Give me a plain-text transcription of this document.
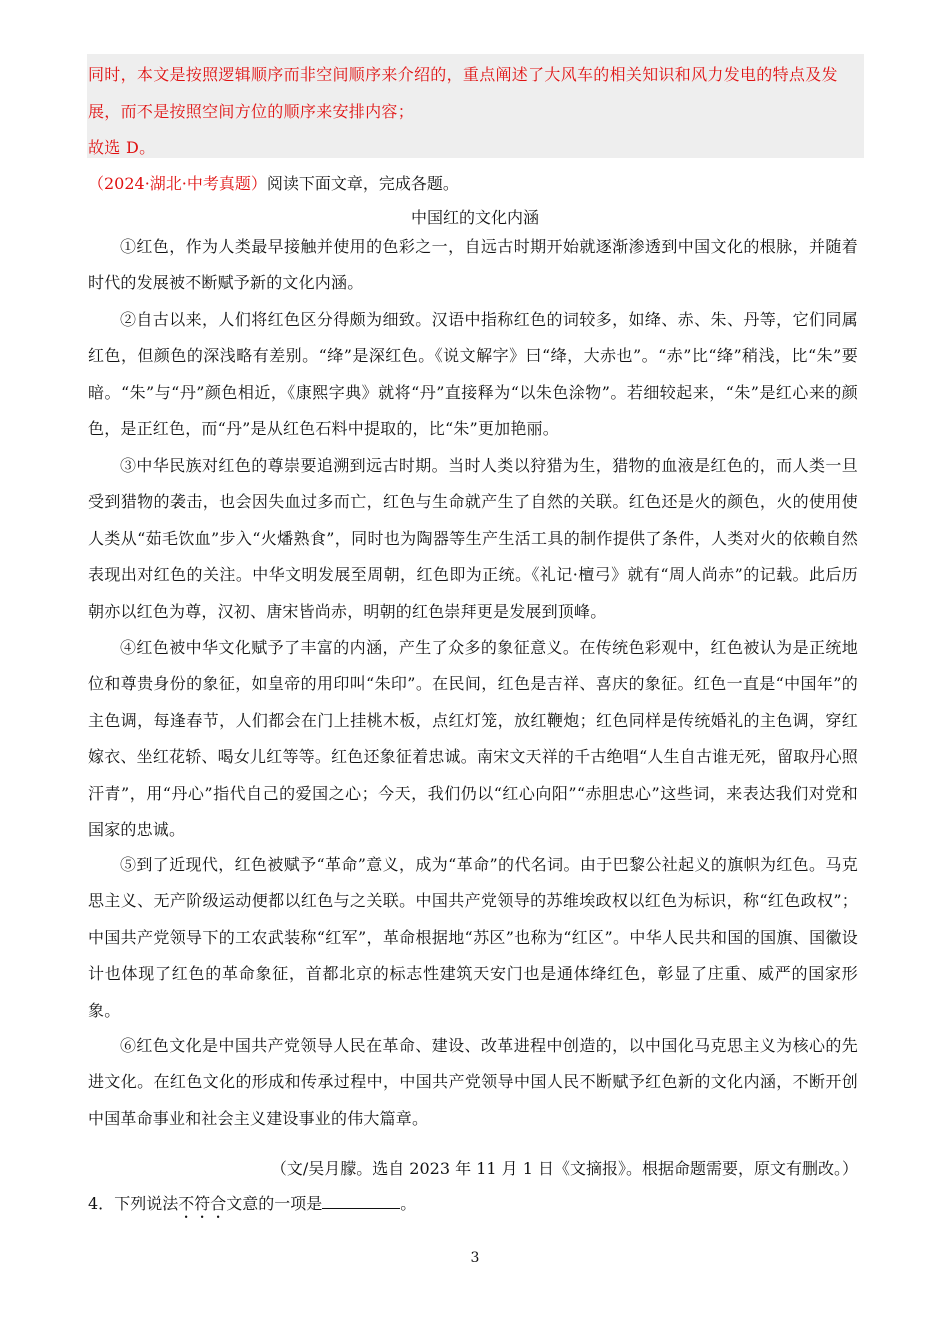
同时，本文是按照逻辑顺序而非空间顺序来介绍的，重点阐述了大风车的相关知识和风力发电的特点及发
展，而不是按照空间方位的顺序来安排内容；
故选 D。
（2024·湖北·中考真题）阅读下面文章，完成各题。
中国红的文化内涵

①红色，作为人类最早接触并使用的色彩之一，自远古时期开始就逐渐渗透到中国文化的根脉，并随着时代的发展被不断赋予新的文化内涵。

②自古以来，人们将红色区分得颇为细致。汉语中指称红色的词较多，如绛、赤、朱、丹等，它们同属红色，但颜色的深浅略有差别。“绛”是深红色。《说文解字》曰“绛，大赤也”。“赤”比“绛”稍浅，比“朱”要暗。“朱”与“丹”颜色相近，《康熙字典》就将“丹”直接释为“以朱色涂物”。若细较起来，“朱”是红心来的颜色，是正红色，而“丹”是从红色石料中提取的，比“朱”更加艳丽。

③中华民族对红色的尊崇要追溯到远古时期。当时人类以狩猎为生，猎物的血液是红色的，而人类一旦受到猎物的袭击，也会因失血过多而亡，红色与生命就产生了自然的关联。红色还是火的颜色，火的使用使人类从“茹毛饮血”步入“火燔熟食”，同时也为陶器等生产生活工具的制作提供了条件，人类对火的依赖自然表现出对红色的关注。中华文明发展至周朝，红色即为正统。《礼记·檀弓》就有“周人尚赤”的记载。此后历朝亦以红色为尊，汉初、唐宋皆尚赤，明朝的红色崇拜更是发展到顶峰。

④红色被中华文化赋予了丰富的内涵，产生了众多的象征意义。在传统色彩观中，红色被认为是正统地位和尊贵身份的象征，如皇帝的用印叫“朱印”。在民间，红色是吉祥、喜庆的象征。红色一直是“中国年”的主色调，每逢春节，人们都会在门上挂桃木板，点红灯笼，放红鞭炮；红色同样是传统婚礼的主色调，穿红嫁衣、坐红花轿、喝女儿红等等。红色还象征着忠诚。南宋文天祥的千古绝唱“人生自古谁无死，留取丹心照汗青”，用“丹心”指代自己的爱国之心；今天，我们仍以“红心向阳”“赤胆忠心”这些词，来表达我们对党和国家的忠诚。

⑤到了近现代，红色被赋予“革命”意义，成为“革命”的代名词。由于巴黎公社起义的旗帜为红色。马克思主义、无产阶级运动便都以红色与之关联。中国共产党领导的苏维埃政权以红色为标识，称“红色政权”；中国共产党领导下的工农武装称“红军”，革命根据地“苏区”也称为“红区”。中华人民共和国的国旗、国徽设计也体现了红色的革命象征，首都北京的标志性建筑天安门也是通体绛红色，彰显了庄重、威严的国家形象。

⑥红色文化是中国共产党领导人民在革命、建设、改革进程中创造的，以中国化马克思主义为核心的先进文化。在红色文化的形成和传承过程中，中国共产党领导中国人民不断赋予红色新的文化内涵，不断开创中国革命事业和社会主义建设事业的伟大篇章。

（文/吴月朦。选自 2023 年 11 月 1 日《文摘报》。根据命题需要，原文有删改。）
4．下列说法不符合文意的一项是	。
3
